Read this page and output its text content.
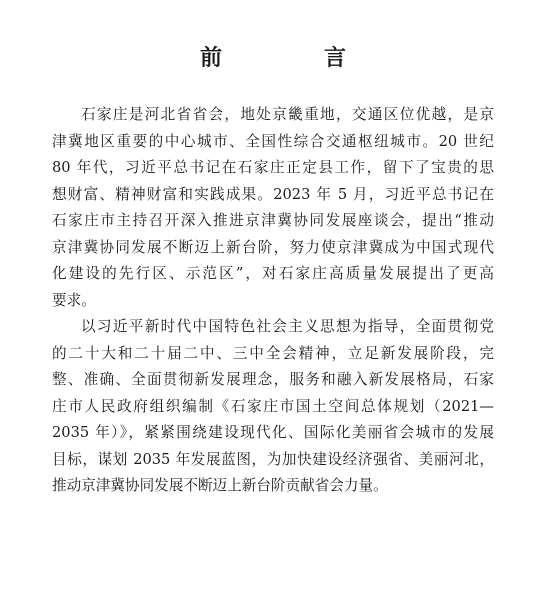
前　言

石家庄是河北省省会，地处京畿重地，交通区位优越，是京
津冀地区重要的中心城市、全国性综合交通枢纽城市。20 世纪
80 年代，习近平总书记在石家庄正定县工作，留下了宝贵的思
想财富、精神财富和实践成果。2023 年 5 月，习近平总书记在
石家庄市主持召开深入推进京津冀协同发展座谈会，提出“推动
京津冀协同发展不断迈上新台阶，努力使京津冀成为中国式现代
化建设的先行区、示范区”，对石家庄高质量发展提出了更高
要求。

以习近平新时代中国特色社会主义思想为指导，全面贯彻党
的二十大和二十届二中、三中全会精神，立足新发展阶段，完
整、准确、全面贯彻新发展理念，服务和融入新发展格局，石家
庄市人民政府组织编制《石家庄市国土空间总体规划（2021—
2035 年）》，紧紧围绕建设现代化、国际化美丽省会城市的发展
目标，谋划 2035 年发展蓝图，为加快建设经济强省、美丽河北，
推动京津冀协同发展不断迈上新台阶贡献省会力量。
